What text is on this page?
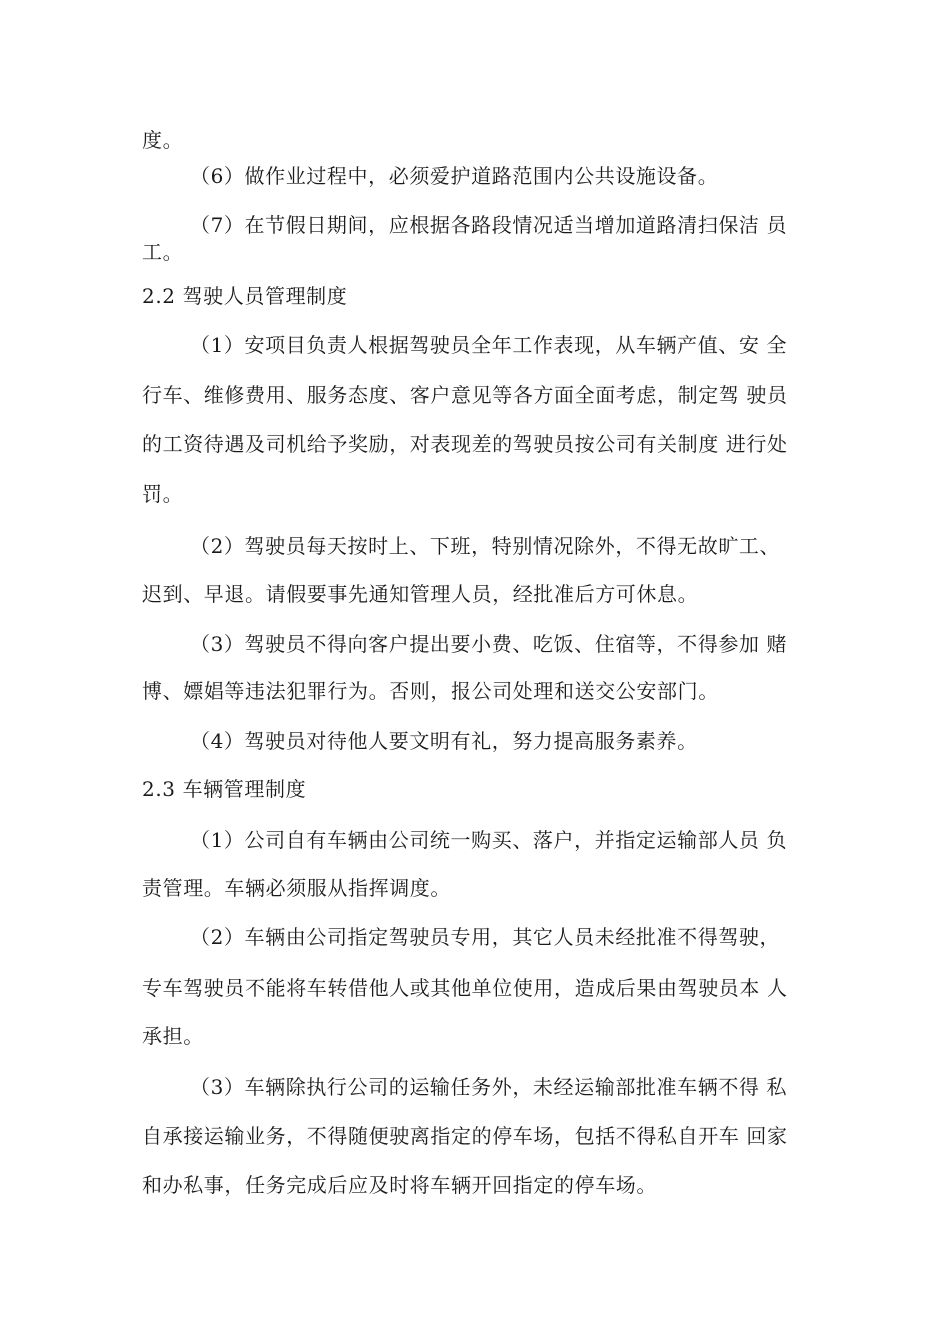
度。
（6）做作业过程中，必须爱护道路范围内公共设施设备。
（7）在节假日期间，应根据各路段情况适当增加道路清扫保洁 员
工。
2.2 驾驶人员管理制度
（1）安项目负责人根据驾驶员全年工作表现，从车辆产值、安 全
行车、维修费用、服务态度、客户意见等各方面全面考虑，制定驾 驶员
的工资待遇及司机给予奖励，对表现差的驾驶员按公司有关制度 进行处
罚。
（2）驾驶员每天按时上、下班，特别情况除外，不得无故旷工、
迟到、早退。请假要事先通知管理人员，经批准后方可休息。
（3）驾驶员不得向客户提出要小费、吃饭、住宿等，不得参加 赌
博、嫖娼等违法犯罪行为。否则，报公司处理和送交公安部门。
（4）驾驶员对待他人要文明有礼，努力提高服务素养。
2.3 车辆管理制度
（1）公司自有车辆由公司统一购买、落户，并指定运输部人员 负
责管理。车辆必须服从指挥调度。
（2）车辆由公司指定驾驶员专用，其它人员未经批准不得驾驶，
专车驾驶员不能将车转借他人或其他单位使用，造成后果由驾驶员本 人
承担。
（3）车辆除执行公司的运输任务外，未经运输部批准车辆不得 私
自承接运输业务，不得随便驶离指定的停车场，包括不得私自开车 回家
和办私事，任务完成后应及时将车辆开回指定的停车场。
